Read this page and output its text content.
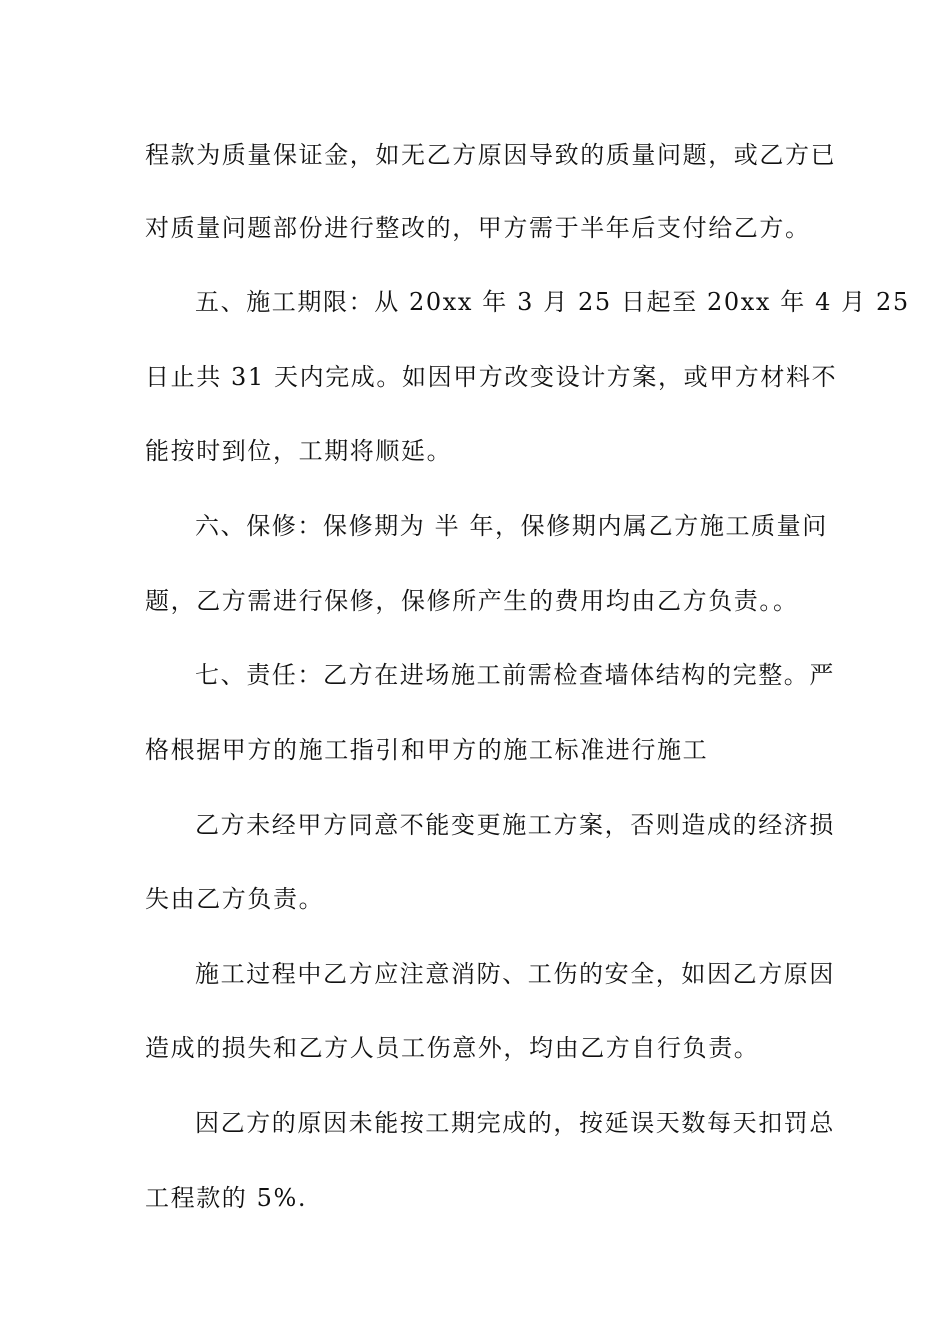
程款为质量保证金，如无乙方原因导致的质量问题，或乙方已
对质量问题部份进行整改的，甲方需于半年后支付给乙方。
五、施工期限：从 20xx 年 3 月 25 日起至 20xx 年 4 月 25
日止共 31 天内完成。如因甲方改变设计方案，或甲方材料不
能按时到位，工期将顺延。
六、保修：保修期为 半 年，保修期内属乙方施工质量问
题，乙方需进行保修，保修所产生的费用均由乙方负责。。
七、责任：乙方在进场施工前需检查墙体结构的完整。严
格根据甲方的施工指引和甲方的施工标准进行施工
乙方未经甲方同意不能变更施工方案，否则造成的经济损
失由乙方负责。
施工过程中乙方应注意消防、工伤的安全，如因乙方原因
造成的损失和乙方人员工伤意外，均由乙方自行负责。
因乙方的原因未能按工期完成的，按延误天数每天扣罚总
工程款的 5%.
